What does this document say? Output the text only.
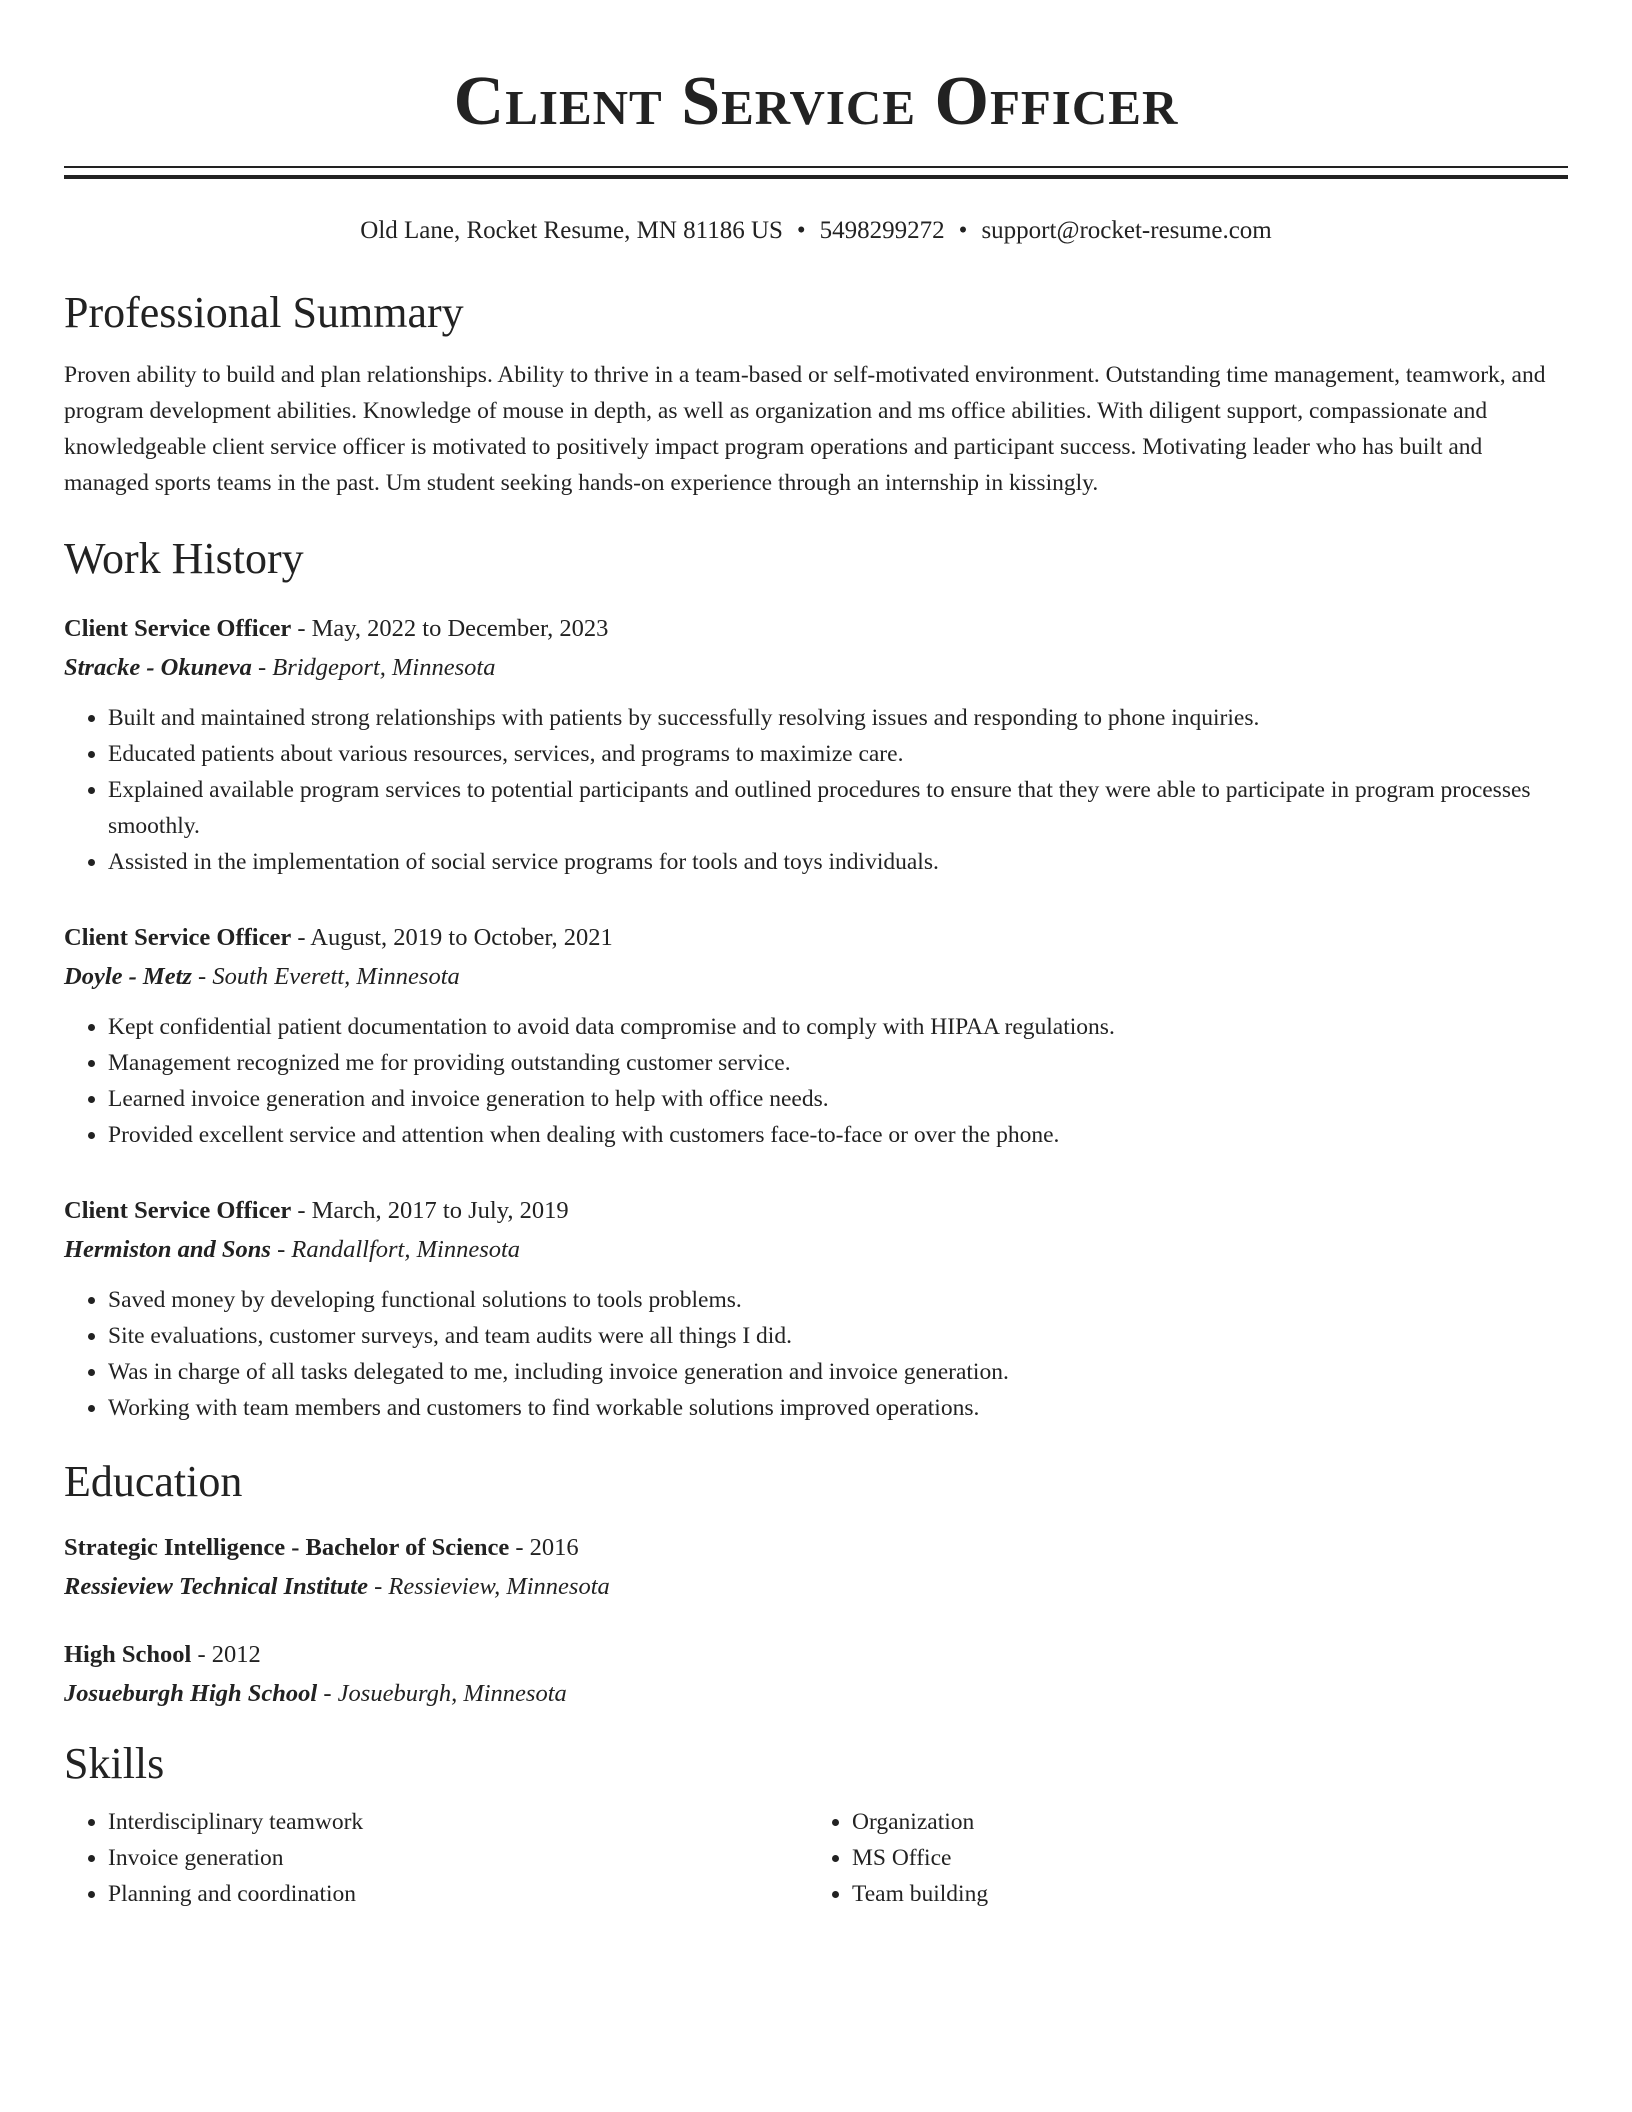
Client Service Officer
Old Lane, Rocket Resume, MN 81186 US • 5498299272 • support@rocket-resume.com
Professional Summary

Proven ability to build and plan relationships. Ability to thrive in a team-based or self-motivated environment. Outstanding time management, teamwork, and program development abilities. Knowledge of mouse in depth, as well as organization and ms office abilities. With diligent support, compassionate and knowledgeable client service officer is motivated to positively impact program operations and participant success. Motivating leader who has built and managed sports teams in the past. Um student seeking hands-on experience through an internship in kissingly.

Work History
Client Service Officer - May, 2022 to December, 2023
Stracke - Okuneva - Bridgeport, Minnesota
• Built and maintained strong relationships with patients by successfully resolving issues and responding to phone inquiries.
• Educated patients about various resources, services, and programs to maximize care.
• Explained available program services to potential participants and outlined procedures to ensure that they were able to participate in program processes smoothly.
• Assisted in the implementation of social service programs for tools and toys individuals.
Client Service Officer - August, 2019 to October, 2021
Doyle - Metz - South Everett, Minnesota
• Kept confidential patient documentation to avoid data compromise and to comply with HIPAA regulations.
• Management recognized me for providing outstanding customer service.
• Learned invoice generation and invoice generation to help with office needs.
• Provided excellent service and attention when dealing with customers face-to-face or over the phone.
Client Service Officer - March, 2017 to July, 2019
Hermiston and Sons - Randallfort, Minnesota
• Saved money by developing functional solutions to tools problems.
• Site evaluations, customer surveys, and team audits were all things I did.
• Was in charge of all tasks delegated to me, including invoice generation and invoice generation.
• Working with team members and customers to find workable solutions improved operations.
Education
Strategic Intelligence - Bachelor of Science - 2016
Ressieview Technical Institute - Ressieview, Minnesota
High School - 2012
Josueburgh High School - Josueburgh, Minnesota
Skills
• Interdisciplinary teamwork
• Invoice generation
• Planning and coordination
• Organization
• MS Office
• Team building
